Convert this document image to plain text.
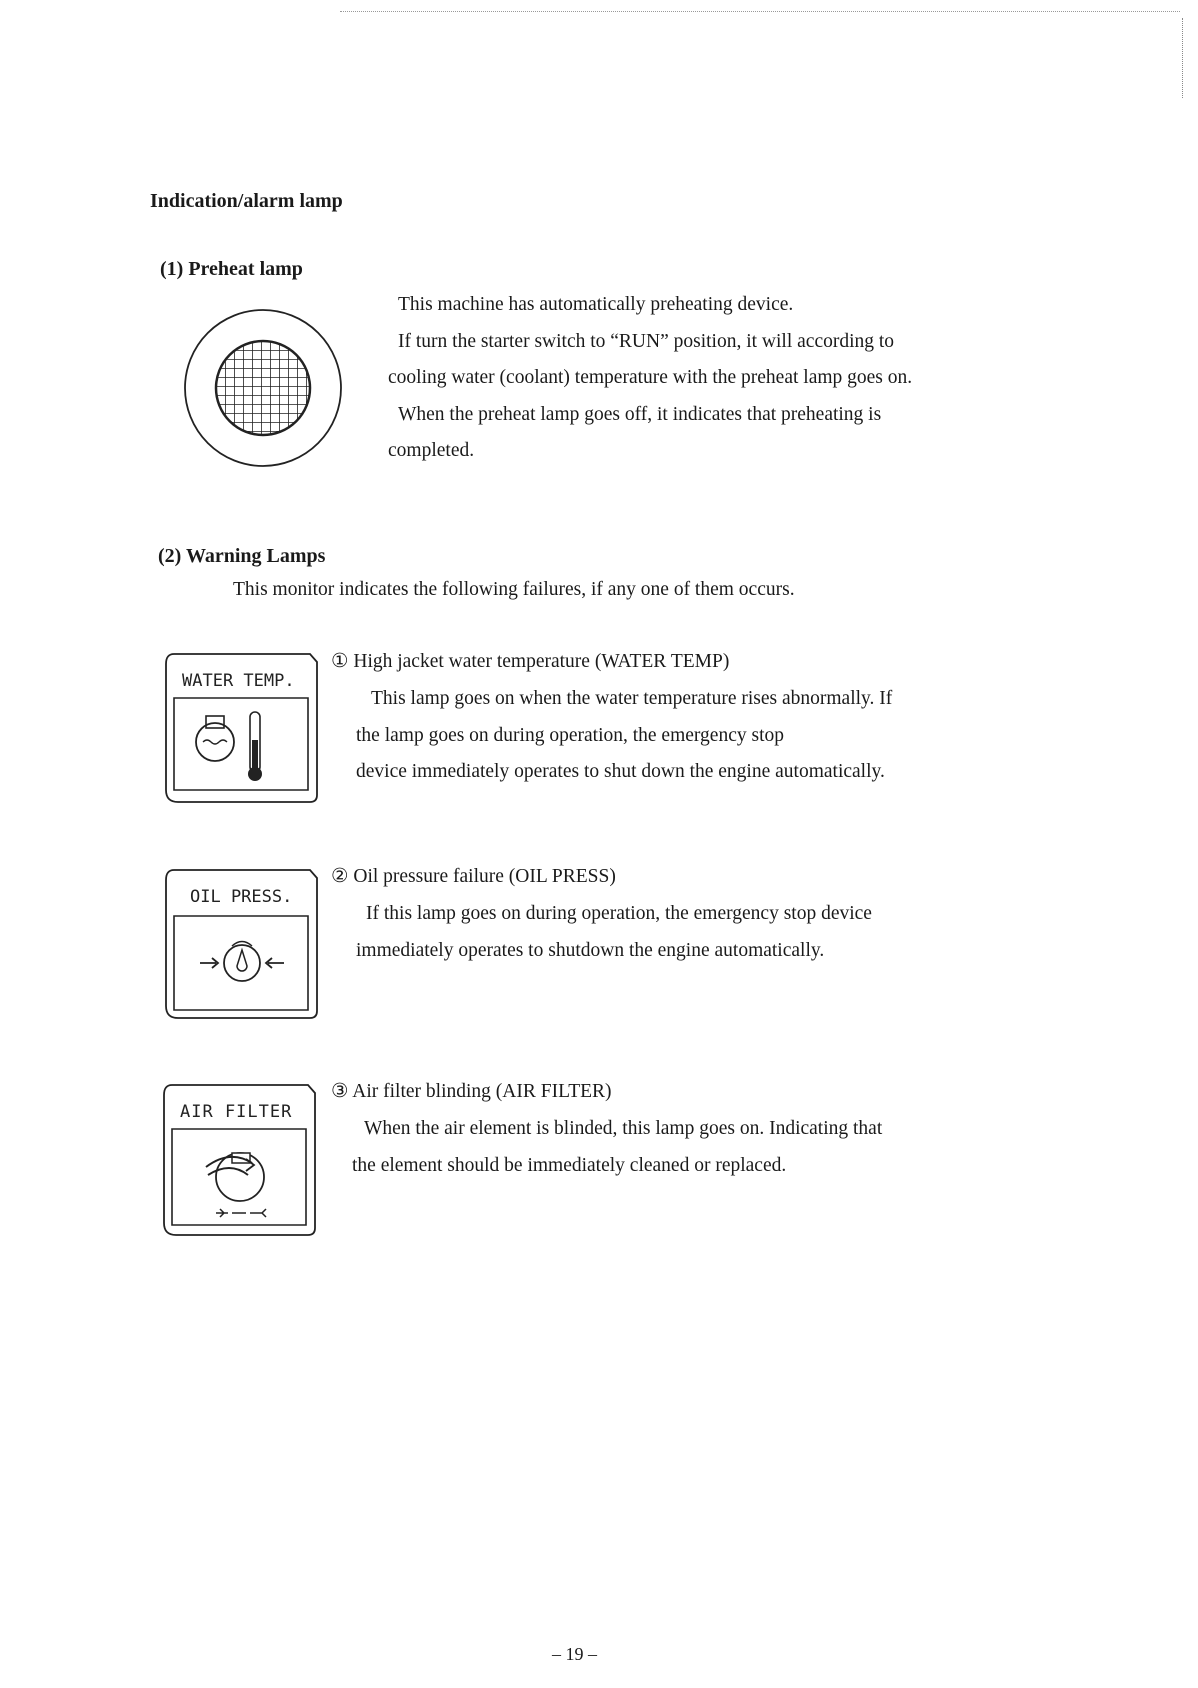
Indication/alarm lamp
(1) Preheat lamp

This machine has automatically preheating device.

If turn the starter switch to “RUN” position, it will according to

cooling water (coolant) temperature with the preheat lamp goes on.

When the preheat lamp goes off, it indicates that preheating is

completed.

(2) Warning Lamps
This monitor indicates the following failures, if any one of them occurs.
WATER TEMP.
① High jacket water temperature (WATER TEMP)

This lamp goes on when the water temperature rises abnormally. If

the lamp goes on during operation, the emergency stop

device immediately operates to shut down the engine automatically.

OIL PRESS.
② Oil pressure failure (OIL PRESS)

If this lamp goes on during operation, the emergency stop device

immediately operates to shutdown the engine automatically.

AIR FILTER
③ Air filter blinding (AIR FILTER)

When the air element is blinded, this lamp goes on. Indicating that

the element should be immediately cleaned or replaced.

– 19 –
